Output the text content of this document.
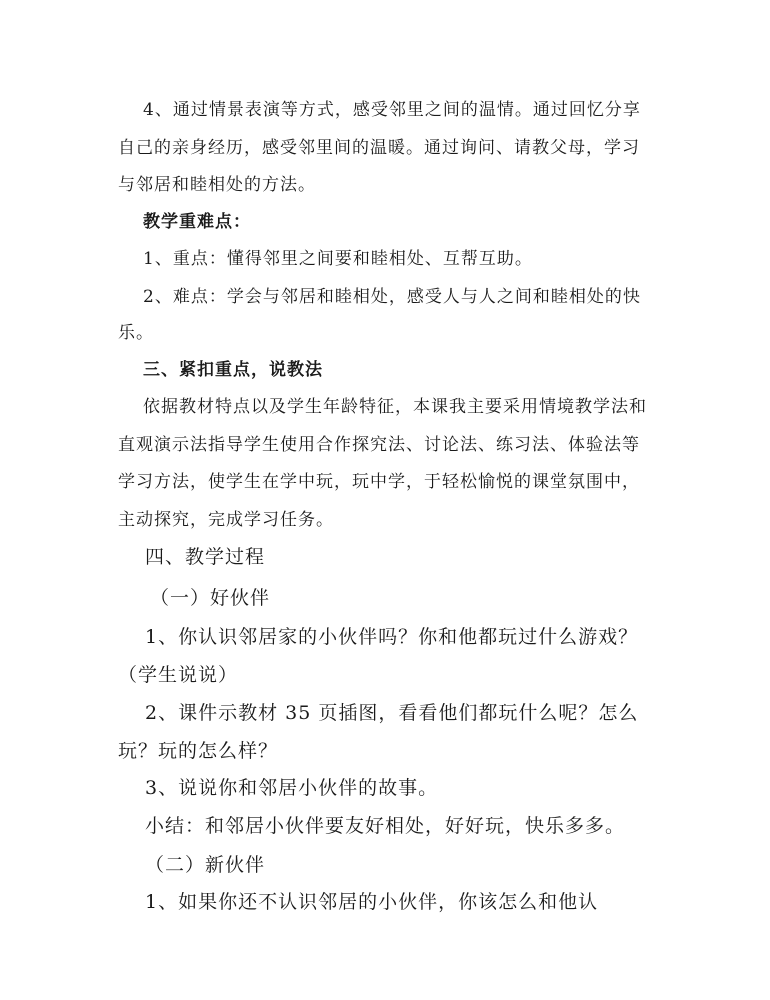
4、通过情景表演等方式，感受邻里之间的温情。通过回忆分享
自己的亲身经历，感受邻里间的温暖。通过询问、请教父母，学习
与邻居和睦相处的方法。
教学重难点：
1、重点：懂得邻里之间要和睦相处、互帮互助。
2、难点：学会与邻居和睦相处，感受人与人之间和睦相处的快
乐。
三、紧扣重点，说教法
依据教材特点以及学生年龄特征，本课我主要采用情境教学法和
直观演示法指导学生使用合作探究法、讨论法、练习法、体验法等
学习方法，使学生在学中玩，玩中学，于轻松愉悦的课堂氛围中，
主动探究，完成学习任务。
四、教学过程
（一）好伙伴
1、你认识邻居家的小伙伴吗？你和他都玩过什么游戏？
（学生说说）
2、课件示教材 35 页插图，看看他们都玩什么呢？怎么
玩？玩的怎么样？
3、说说你和邻居小伙伴的故事。
小结：和邻居小伙伴要友好相处，好好玩，快乐多多。
（二）新伙伴
1、如果你还不认识邻居的小伙伴，你该怎么和他认
